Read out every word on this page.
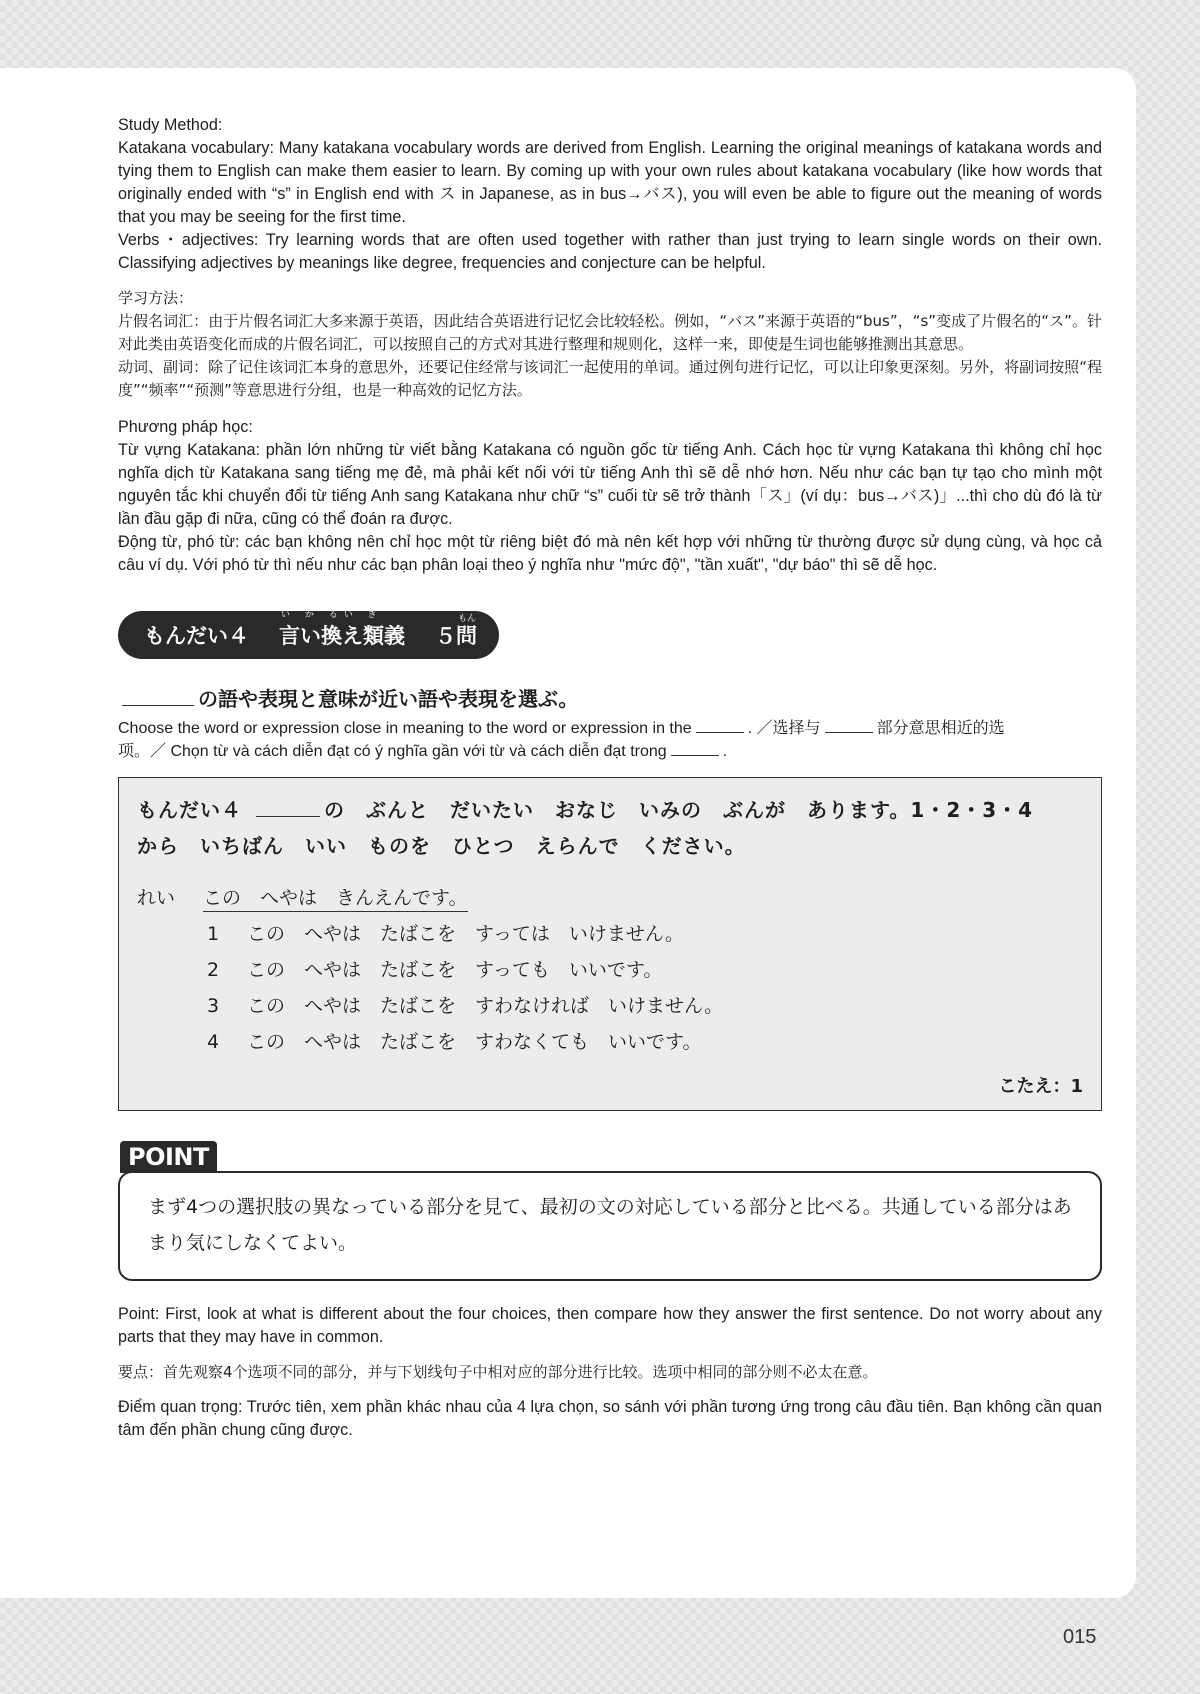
Study Method:

Katakana vocabulary: Many katakana vocabulary words are derived from English. Learning the original meanings of katakana words and tying them to English can make them easier to learn. By coming up with your own rules about katakana vocabulary (like how words that originally ended with “s” in English end with ス in Japanese, as in bus→バス), you will even be able to figure out the meaning of words that you may be seeing for the first time.

Verbs・adjectives: Try learning words that are often used together with rather than just trying to learn single words on their own. Classifying adjectives by meanings like degree, frequencies and conjecture can be helpful.

学习方法：

片假名词汇：由于片假名词汇大多来源于英语，因此结合英语进行记忆会比较轻松。例如，“バス”来源于英语的“bus”，“s”变成了片假名的“ス”。针对此类由英语变化而成的片假名词汇，可以按照自己的方式对其进行整理和规则化，这样一来，即使是生词也能够推测出其意思。

动词、副词：除了记住该词汇本身的意思外，还要记住经常与该词汇一起使用的单词。通过例句进行记忆，可以让印象更深刻。另外，将副词按照“程度”“频率”“预测”等意思进行分组，也是一种高效的记忆方法。

Phương pháp học:

Từ vựng Katakana: phần lớn những từ viết bằng Katakana có nguồn gốc từ tiếng Anh. Cách học từ vựng Katakana thì không chỉ học nghĩa dịch từ Katakana sang tiếng mẹ đẻ, mà phải kết nối với từ tiếng Anh thì sẽ dễ nhớ hơn. Nếu như các bạn tự tạo cho mình một nguyên tắc khi chuyển đổi từ tiếng Anh sang Katakana như chữ “s” cuối từ sẽ trở thành「ス」(ví dụ：bus→バス)」...thì cho dù đó là từ lần đầu gặp đi nữa, cũng có thể đoán ra được.

Động từ, phó từ: các bạn không nên chỉ học một từ riêng biệt đó mà nên kết hợp với những từ thường được sử dụng cùng, và học cả câu ví dụ. Với phó từ thì nếu như các bạn phân loại theo ý nghĩa như "mức độ", "tần xuất", "dự báo" thì sẽ dễ học.

もんだい４
い か るい ぎ
言い換え類義 ５
もん
問
の語や表現と意味が近い語や表現を選ぶ。

Choose the word or expression close in meaning to the word or expression in the	. ／选择与	部分意思相近的选
项。／ Chọn từ và cách diễn đạt có ý nghĩa gần với từ và cách diễn đạt trong	.

もんだい４	の　ぶんと　だいたい　おなじ　いみの　ぶんが　あります。1・2・3・4
から　いちばん　いい　ものを　ひとつ　えらんで　ください。
れい この　へやは　きんえんです。
1 この　へやは　たばこを　すっては　いけません。
2 この　へやは　たばこを　すっても　いいです。
3 この　へやは　たばこを　すわなければ　いけません。
4 この　へやは　たばこを　すわなくても　いいです。
こたえ：1
POINT
まず4つの選択肢の異なっている部分を見て、最初の文の対応している部分と比べる。共通している部分はあまり気にしなくてよい。

Point: First, look at what is different about the four choices, then compare how they answer the first sentence. Do not worry about any parts that they may have in common.

要点：首先观察4个选项不同的部分，并与下划线句子中相对应的部分进行比较。选项中相同的部分则不必太在意。

Điểm quan trọng: Trước tiên, xem phần khác nhau của 4 lựa chọn, so sánh với phần tương ứng trong câu đầu tiên. Bạn không cần quan tâm đến phần chung cũng được.

015
